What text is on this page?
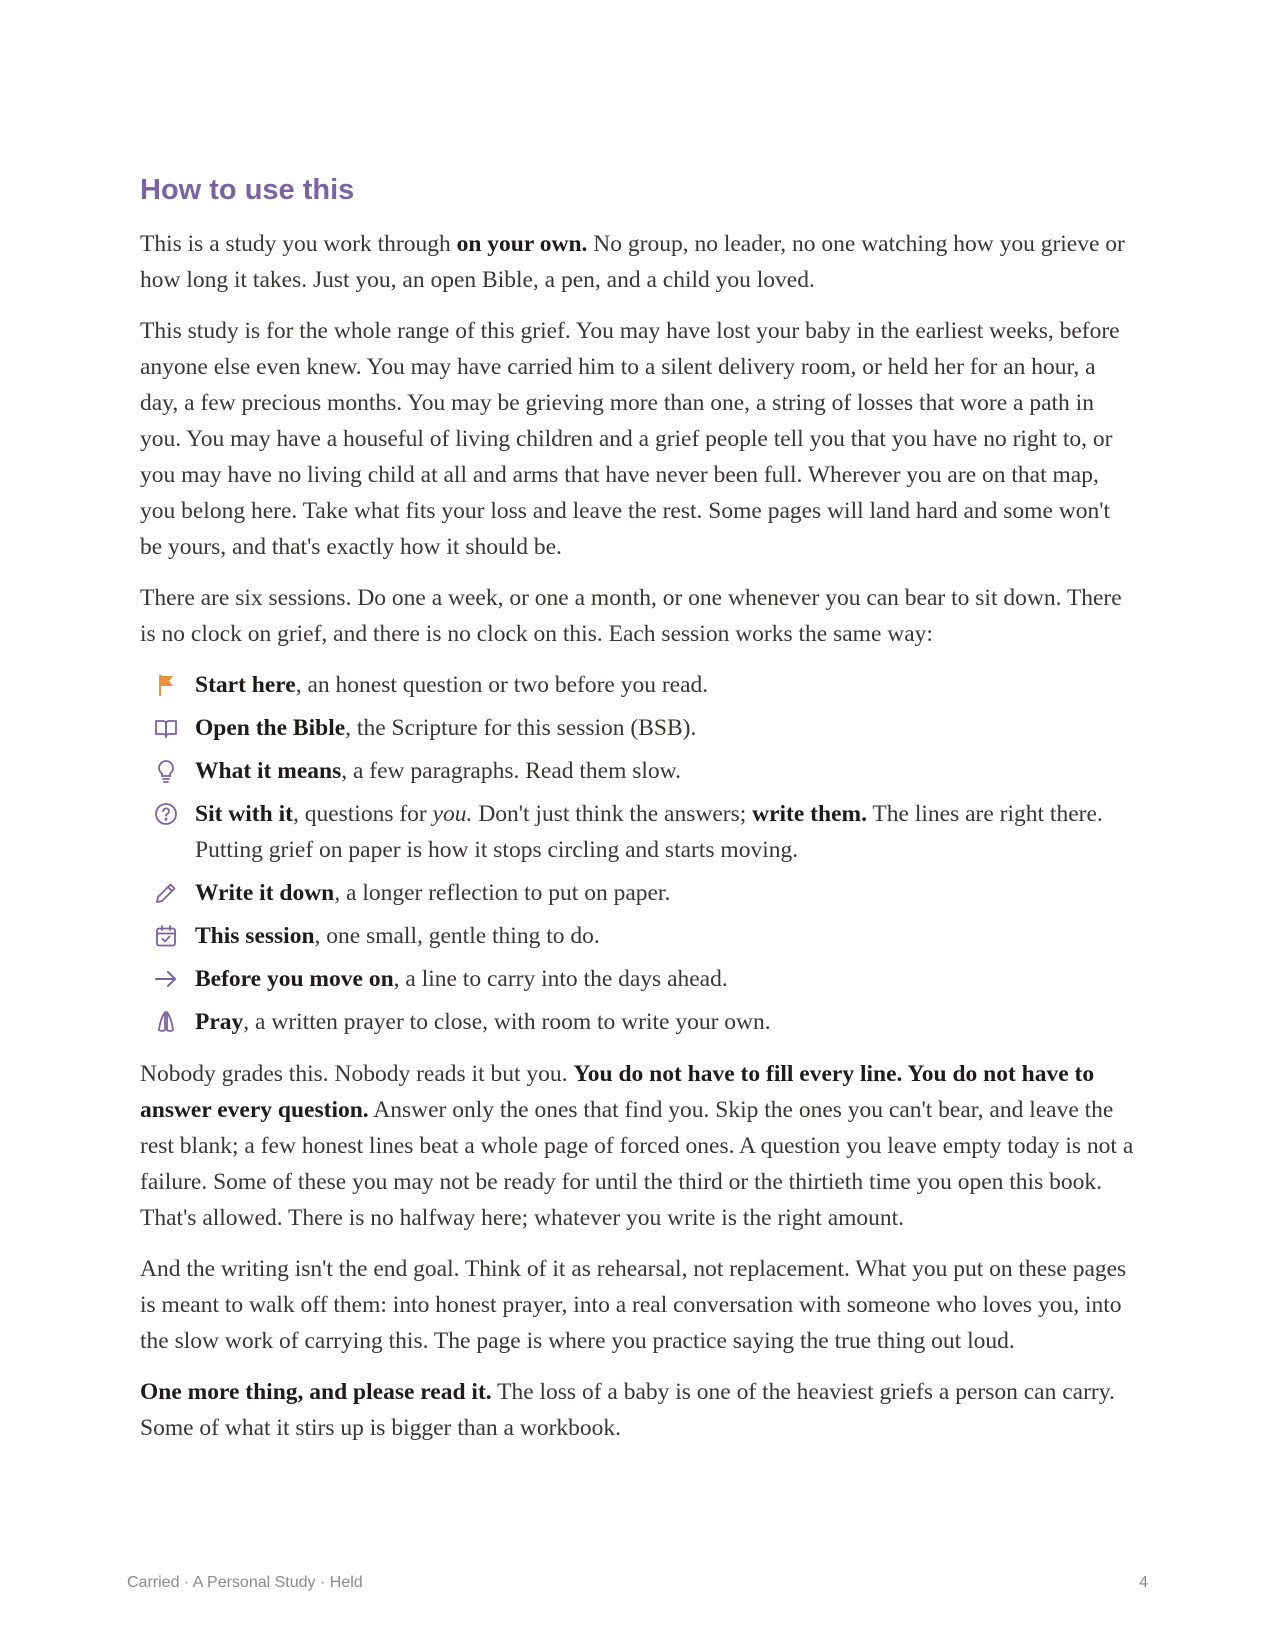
How to use this

This is a study you work through on your own. No group, no leader, no one watching how you grieve or how long it takes. Just you, an open Bible, a pen, and a child you loved.

This study is for the whole range of this grief. You may have lost your baby in the earliest weeks, before anyone else even knew. You may have carried him to a silent delivery room, or held her for an hour, a day, a few precious months. You may be grieving more than one, a string of losses that wore a path in you. You may have a houseful of living children and a grief people tell you that you have no right to, or you may have no living child at all and arms that have never been full. Wherever you are on that map, you belong here. Take what fits your loss and leave the rest. Some pages will land hard and some won't be yours, and that's exactly how it should be.

There are six sessions. Do one a week, or one a month, or one whenever you can bear to sit down. There is no clock on grief, and there is no clock on this. Each session works the same way:

Start here, an honest question or two before you read.
Open the Bible, the Scripture for this session (BSB).
What it means, a few paragraphs. Read them slow.
Sit with it, questions for you. Don't just think the answers; write them. The lines are right there. Putting grief on paper is how it stops circling and starts moving.
Write it down, a longer reflection to put on paper.
This session, one small, gentle thing to do.
Before you move on, a line to carry into the days ahead.
Pray, a written prayer to close, with room to write your own.

Nobody grades this. Nobody reads it but you. You do not have to fill every line. You do not have to answer every question. Answer only the ones that find you. Skip the ones you can't bear, and leave the rest blank; a few honest lines beat a whole page of forced ones. A question you leave empty today is not a failure. Some of these you may not be ready for until the third or the thirtieth time you open this book. That's allowed. There is no halfway here; whatever you write is the right amount.

And the writing isn't the end goal. Think of it as rehearsal, not replacement. What you put on these pages is meant to walk off them: into honest prayer, into a real conversation with someone who loves you, into the slow work of carrying this. The page is where you practice saying the true thing out loud.

One more thing, and please read it. The loss of a baby is one of the heaviest griefs a person can carry. Some of what it stirs up is bigger than a workbook.

Carried · A Personal Study · Held	4
